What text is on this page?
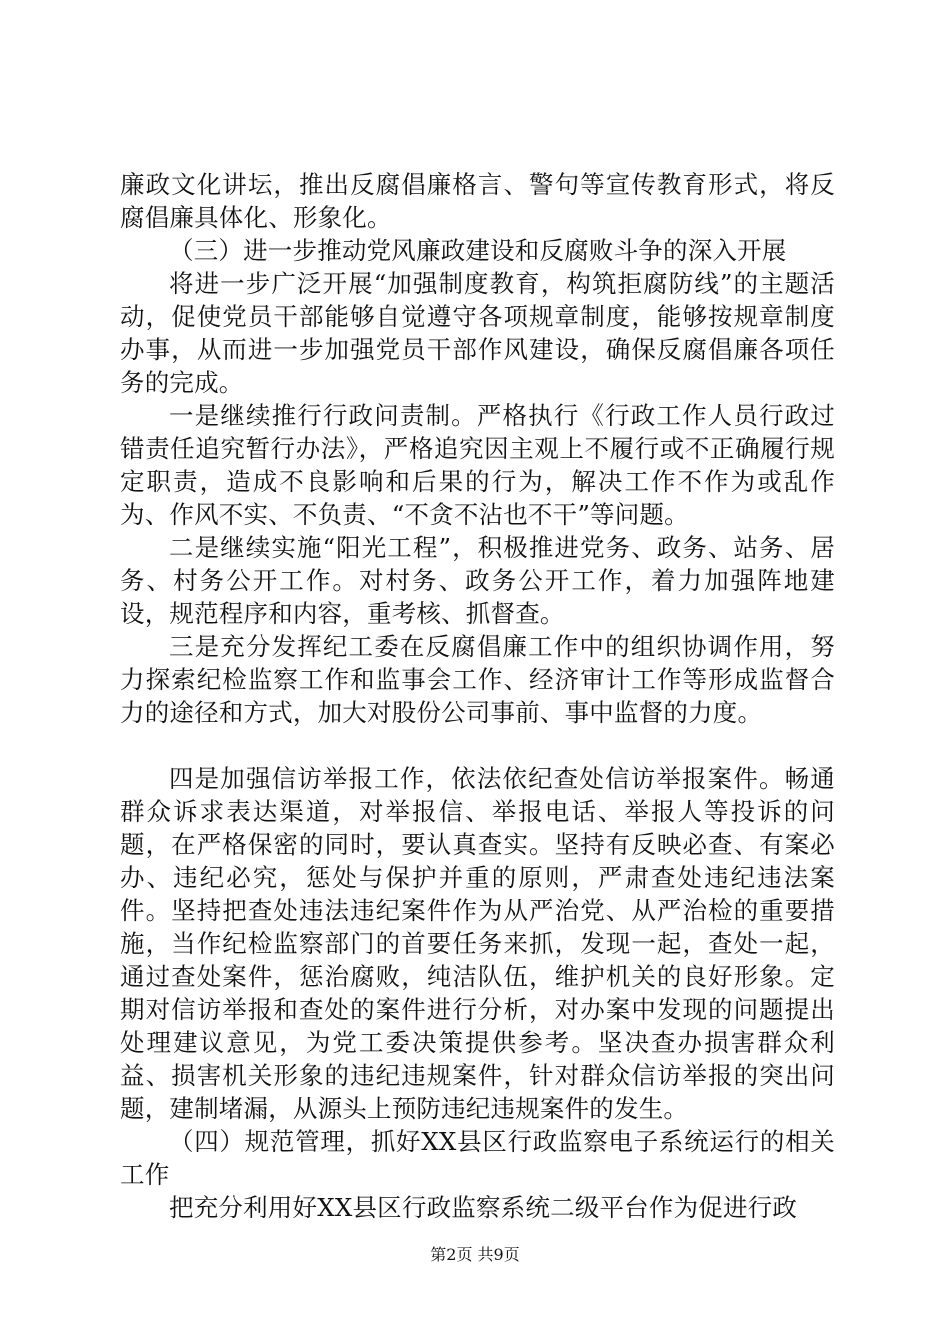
廉政文化讲坛，推出反腐倡廉格言、警句等宣传教育形式，将反腐倡廉具体化、形象化。

（三）进一步推动党风廉政建设和反腐败斗争的深入开展

将进一步广泛开展“加强制度教育，构筑拒腐防线”的主题活动，促使党员干部能够自觉遵守各项规章制度，能够按规章制度办事，从而进一步加强党员干部作风建设，确保反腐倡廉各项任务的完成。

一是继续推行行政问责制。严格执行《行政工作人员行政过错责任追究暂行办法》，严格追究因主观上不履行或不正确履行规定职责，造成不良影响和后果的行为，解决工作不作为或乱作为、作风不实、不负责、“不贪不沾也不干”等问题。

二是继续实施“阳光工程”，积极推进党务、政务、站务、居务、村务公开工作。对村务、政务公开工作，着力加强阵地建设，规范程序和内容，重考核、抓督查。

三是充分发挥纪工委在反腐倡廉工作中的组织协调作用，努力探索纪检监察工作和监事会工作、经济审计工作等形成监督合力的途径和方式，加大对股份公司事前、事中监督的力度。

四是加强信访举报工作，依法依纪查处信访举报案件。畅通群众诉求表达渠道，对举报信、举报电话、举报人等投诉的问题，在严格保密的同时，要认真查实。坚持有反映必查、有案必办、违纪必究，惩处与保护并重的原则，严肃查处违纪违法案件。坚持把查处违法违纪案件作为从严治党、从严治检的重要措施，当作纪检监察部门的首要任务来抓，发现一起，查处一起，通过查处案件，惩治腐败，纯洁队伍，维护机关的良好形象。定期对信访举报和查处的案件进行分析，对办案中发现的问题提出处理建议意见，为党工委决策提供参考。坚决查办损害群众利益、损害机关形象的违纪违规案件，针对群众信访举报的突出问题，建制堵漏，从源头上预防违纪违规案件的发生。

（四）规范管理，抓好XX县区行政监察电子系统运行的相关工作

把充分利用好XX县区行政监察系统二级平台作为促进行政

第2页 共9页
